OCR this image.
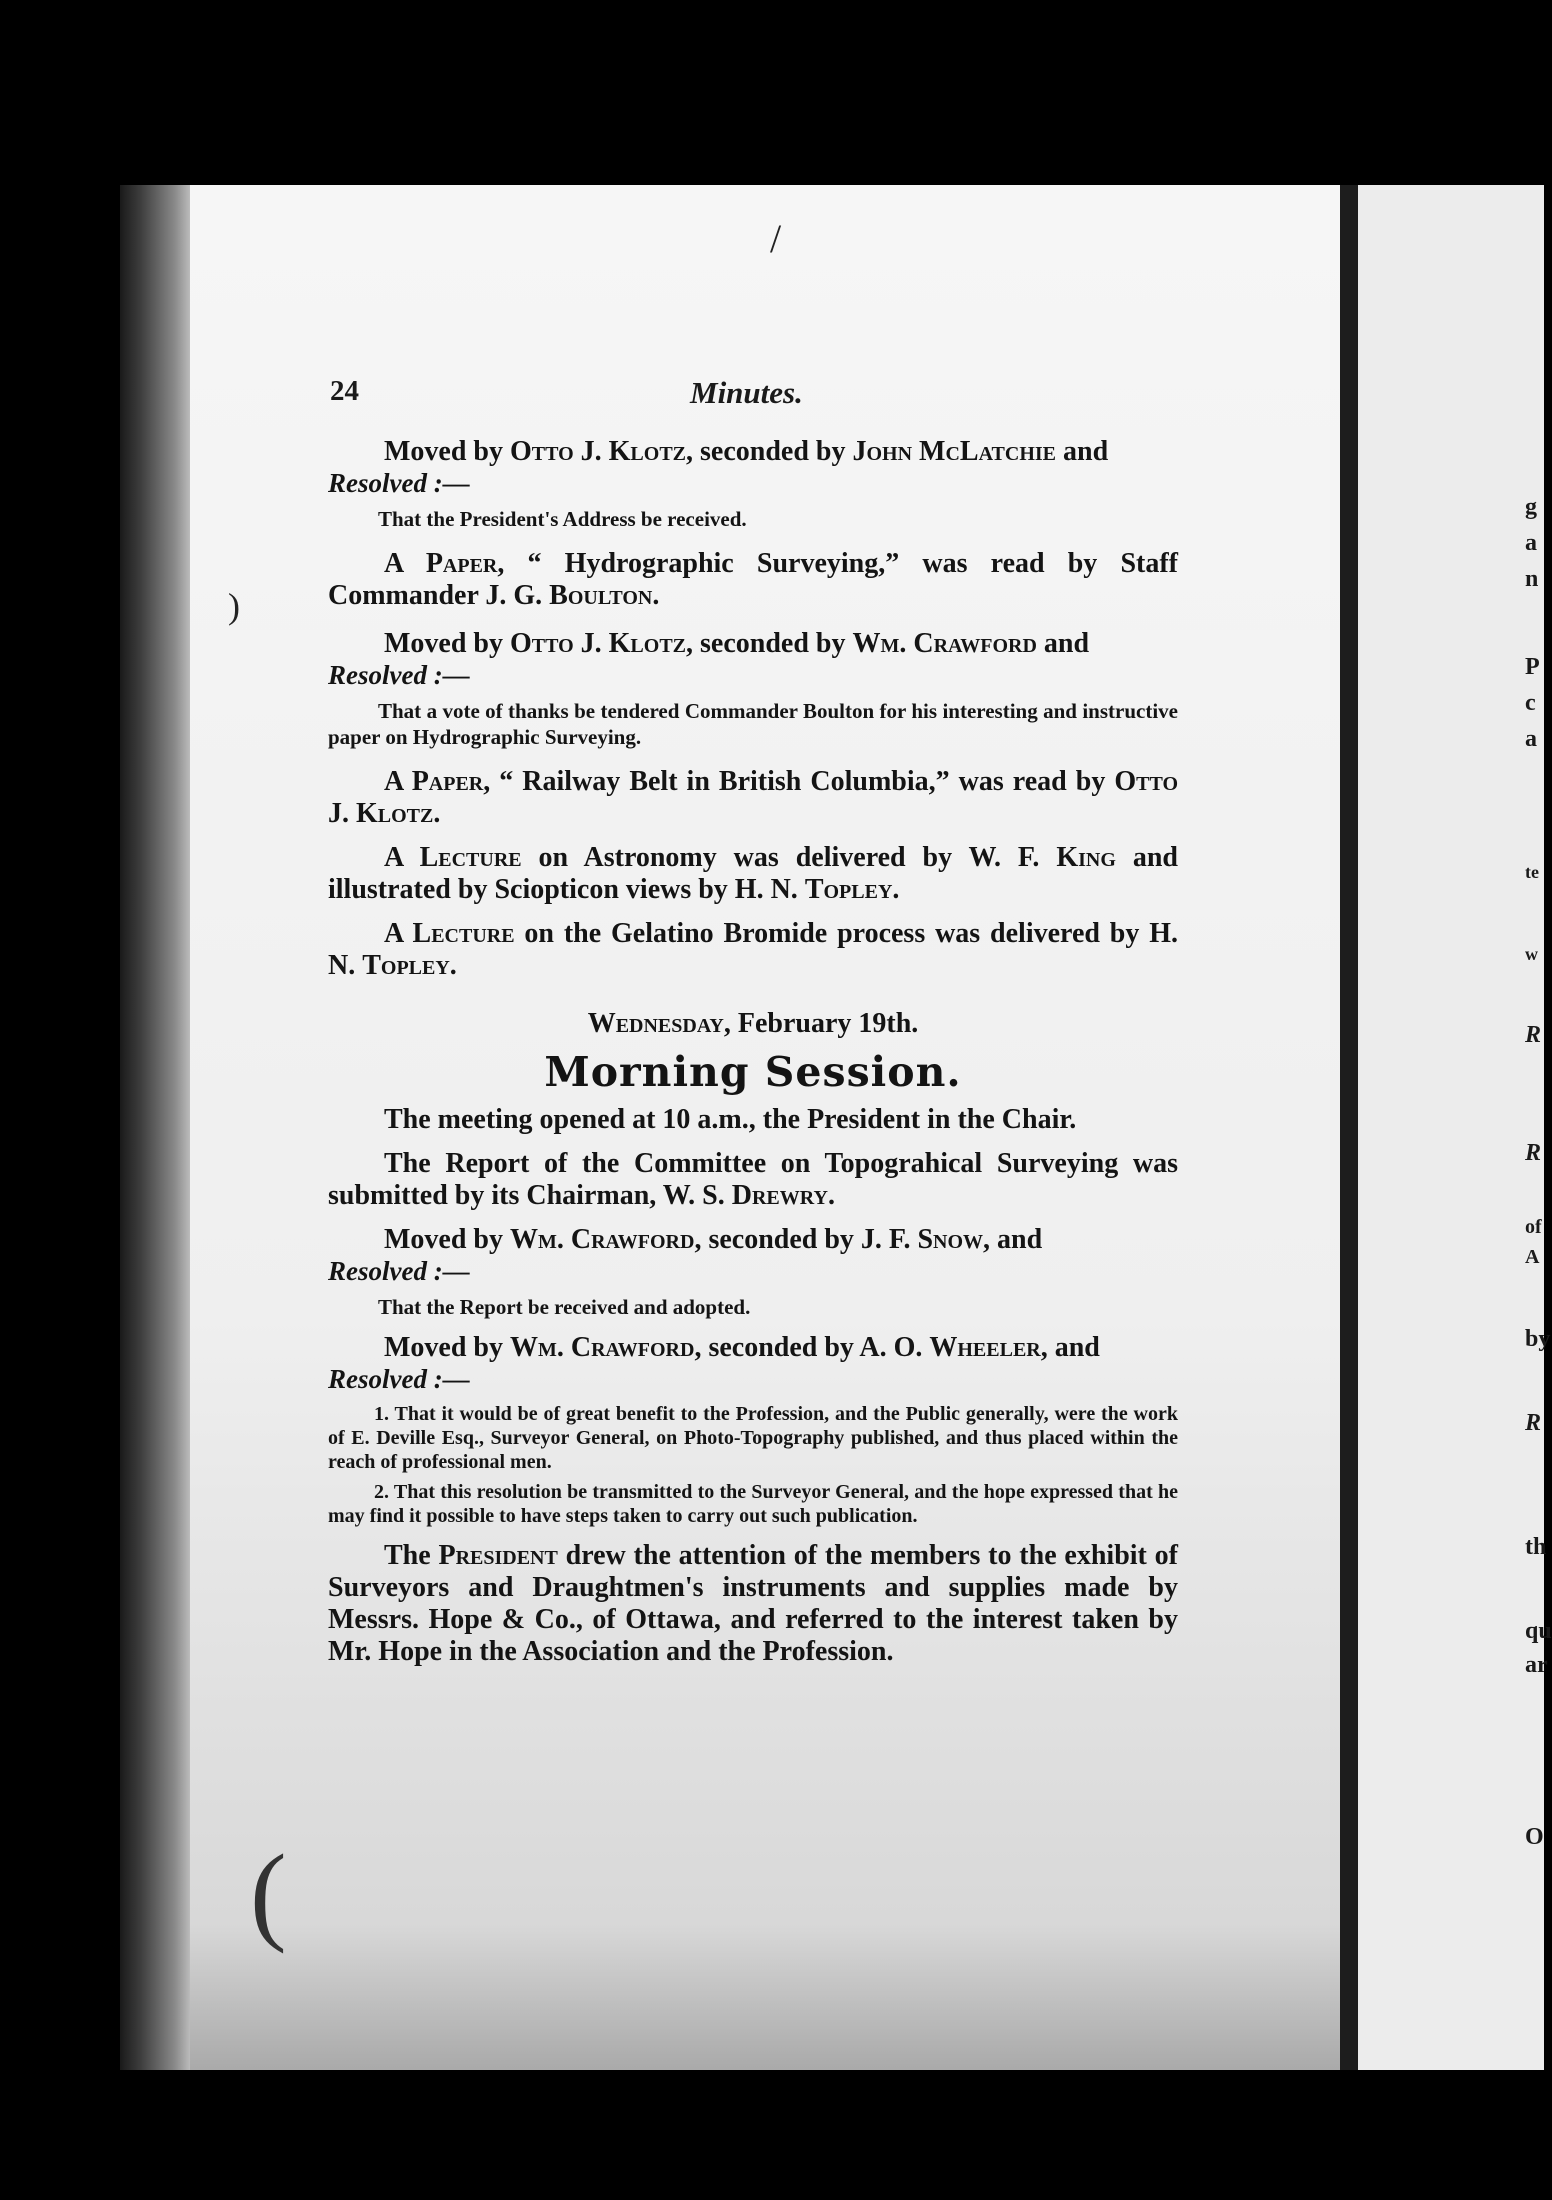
/
)
(
24	Minutes.

Moved by Otto J. Klotz, seconded by John McLatchie and

Resolved :—

That the President's Address be received.

A Paper, “ Hydrographic Surveying,” was read by Staff Commander J. G. Boulton.

Moved by Otto J. Klotz, seconded by Wm. Crawford and

Resolved :—

That a vote of thanks be tendered Commander Boulton for his interesting and instructive paper on Hydrographic Surveying.

A Paper, “ Railway Belt in British Columbia,” was read by Otto J. Klotz.

A Lecture on Astronomy was delivered by W. F. King and illustrated by Sciopticon views by H. N. Topley.

A Lecture on the Gelatino Bromide process was delivered by H. N. Topley.

Wednesday, February 19th.

Morning Session.

The meeting opened at 10 a.m., the President in the Chair.

The Report of the Committee on Topograhical Surveying was submitted by its Chairman, W. S. Drewry.

Moved by Wm. Crawford, seconded by J. F. Snow, and

Resolved :—

That the Report be received and adopted.

Moved by Wm. Crawford, seconded by A. O. Wheeler, and

Resolved :—

1. That it would be of great benefit to the Profession, and the Public generally, were the work of E. Deville Esq., Surveyor General, on Photo-Topography published, and thus placed within the reach of professional men.

2. That this resolution be transmitted to the Surveyor General, and the hope expressed that he may find it possible to have steps taken to carry out such publication.

The President drew the attention of the members to the exhibit of Surveyors and Draughtmen's instruments and supplies made by Messrs. Hope & Co., of Ottawa, and referred to the interest taken by Mr. Hope in the Association and the Profession.

g
a
n
P
c
a
te
w
R
R
of
A
by
R
th
qu
ar
O
